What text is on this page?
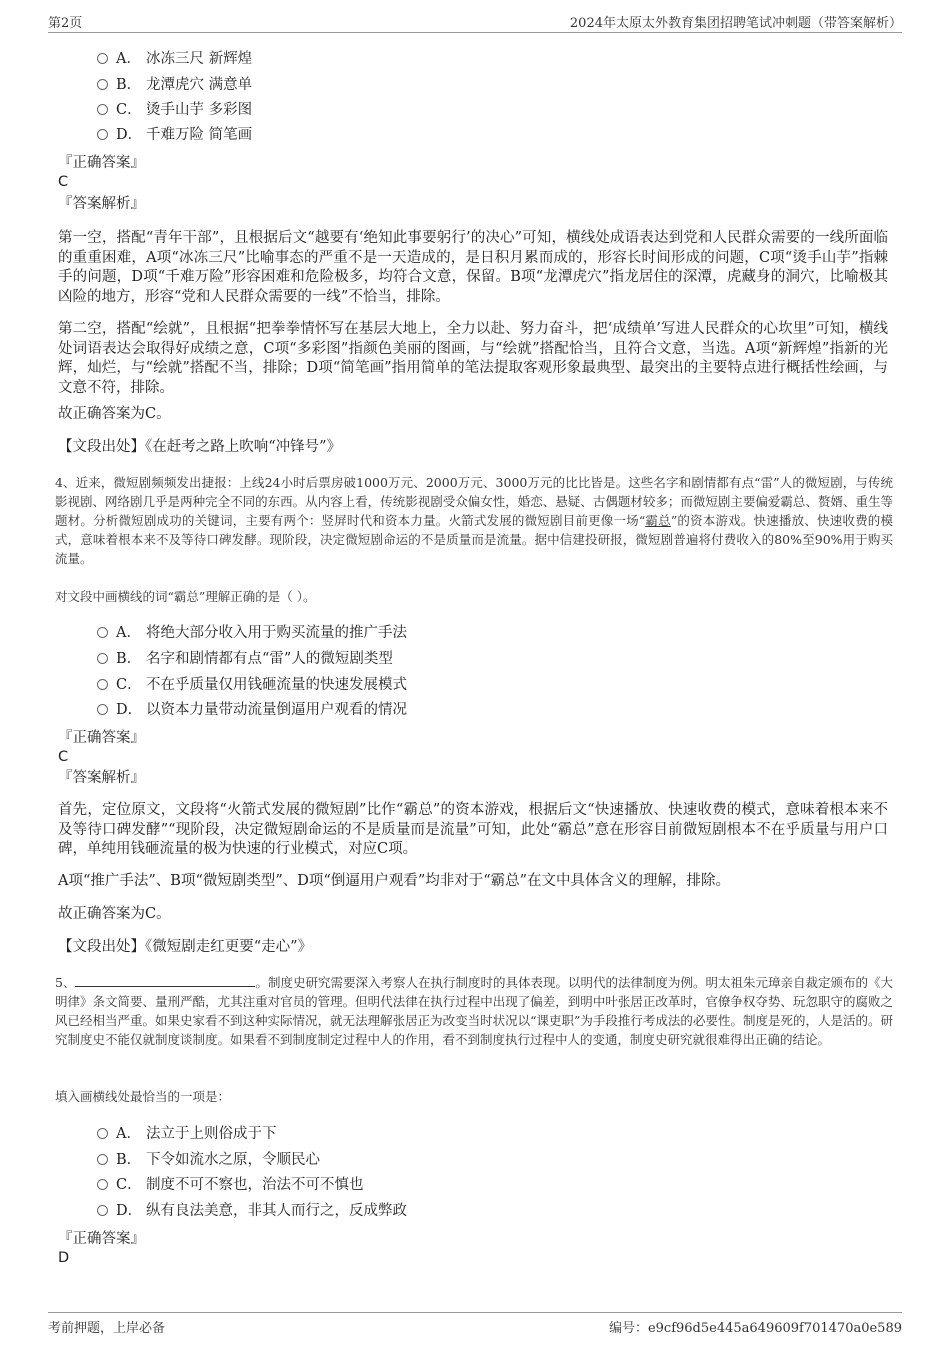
第2页	2024年太原太外教育集团招聘笔试冲刺题（带答案解析）
A． 冰冻三尺 新辉煌
B． 龙潭虎穴 满意单
C． 烫手山芋 多彩图
D． 千难万险 简笔画
『正确答案』
C
『答案解析』
第一空，搭配“青年干部”，且根据后文“越要有‘绝知此事要躬行’的决心”可知，横线处成语表达到党和人民群众需要的一线所面临的重重困难，A项“冰冻三尺”比喻事态的严重不是一天造成的，是日积月累而成的，形容长时间形成的问题，C项“烫手山芋”指棘手的问题，D项“千难万险”形容困难和危险极多，均符合文意，保留。B项“龙潭虎穴”指龙居住的深潭，虎藏身的洞穴，比喻极其凶险的地方，形容“党和人民群众需要的一线”不恰当，排除。
第二空，搭配“绘就”，且根据“把拳拳情怀写在基层大地上，全力以赴、努力奋斗，把‘成绩单’写进人民群众的心坎里”可知，横线处词语表达会取得好成绩之意，C项“多彩图”指颜色美丽的图画，与“绘就”搭配恰当，且符合文意，当选。A项“新辉煌”指新的光辉，灿烂，与“绘就”搭配不当，排除；D项“简笔画”指用简单的笔法提取客观形象最典型、最突出的主要特点进行概括性绘画，与文意不符，排除。
故正确答案为C。
【文段出处】《在赶考之路上吹响“冲锋号”》
4、近来，微短剧频频发出捷报：上线24小时后票房破1000万元、2000万元、3000万元的比比皆是。这些名字和剧情都有点“雷”人的微短剧，与传统影视剧、网络剧几乎是两种完全不同的东西。从内容上看，传统影视剧受众偏女性，婚恋、悬疑、古偶题材较多；而微短剧主要偏爱霸总、赘婿、重生等题材。分析微短剧成功的关键词，主要有两个：竖屏时代和资本力量。火箭式发展的微短剧目前更像一场“霸总”的资本游戏。快速播放、快速收费的模式，意味着根本来不及等待口碑发酵。现阶段，决定微短剧命运的不是质量而是流量。据中信建投研报，微短剧普遍将付费收入的80%至90%用于购买流量。
对文段中画横线的词“霸总”理解正确的是（ ）。
A． 将绝大部分收入用于购买流量的推广手法
B． 名字和剧情都有点“雷”人的微短剧类型
C． 不在乎质量仅用钱砸流量的快速发展模式
D． 以资本力量带动流量倒逼用户观看的情况
『正确答案』
C
『答案解析』
首先，定位原文，文段将“火箭式发展的微短剧”比作“霸总”的资本游戏，根据后文“快速播放、快速收费的模式，意味着根本来不及等待口碑发酵”“现阶段，决定微短剧命运的不是质量而是流量”可知，此处“霸总”意在形容目前微短剧根本不在乎质量与用户口碑，单纯用钱砸流量的极为快速的行业模式，对应C项。
A项“推广手法”、B项“微短剧类型”、D项“倒逼用户观看”均非对于“霸总”在文中具体含义的理解，排除。
故正确答案为C。
【文段出处】《微短剧走红更要“走心”》
5、	。制度史研究需要深入考察人在执行制度时的具体表现。以明代的法律制度为例。明太祖朱元璋亲自裁定颁布的《大明律》条文简要、量刑严酷，尤其注重对官员的管理。但明代法律在执行过程中出现了偏差，到明中叶张居正改革时，官僚争权夺势、玩忽职守的腐败之风已经相当严重。如果史家看不到这种实际情况，就无法理解张居正为改变当时状况以“课吏职”为手段推行考成法的必要性。制度是死的，人是活的。研究制度史不能仅就制度谈制度。如果看不到制度制定过程中人的作用，看不到制度执行过程中人的变通，制度史研究就很难得出正确的结论。
填入画横线处最恰当的一项是：
A． 法立于上则俗成于下
B． 下令如流水之原，令顺民心
C． 制度不可不察也，治法不可不慎也
D． 纵有良法美意，非其人而行之，反成弊政
『正确答案』
D
考前押题，上岸必备	编号：e9cf96d5e445a649609f701470a0e589
